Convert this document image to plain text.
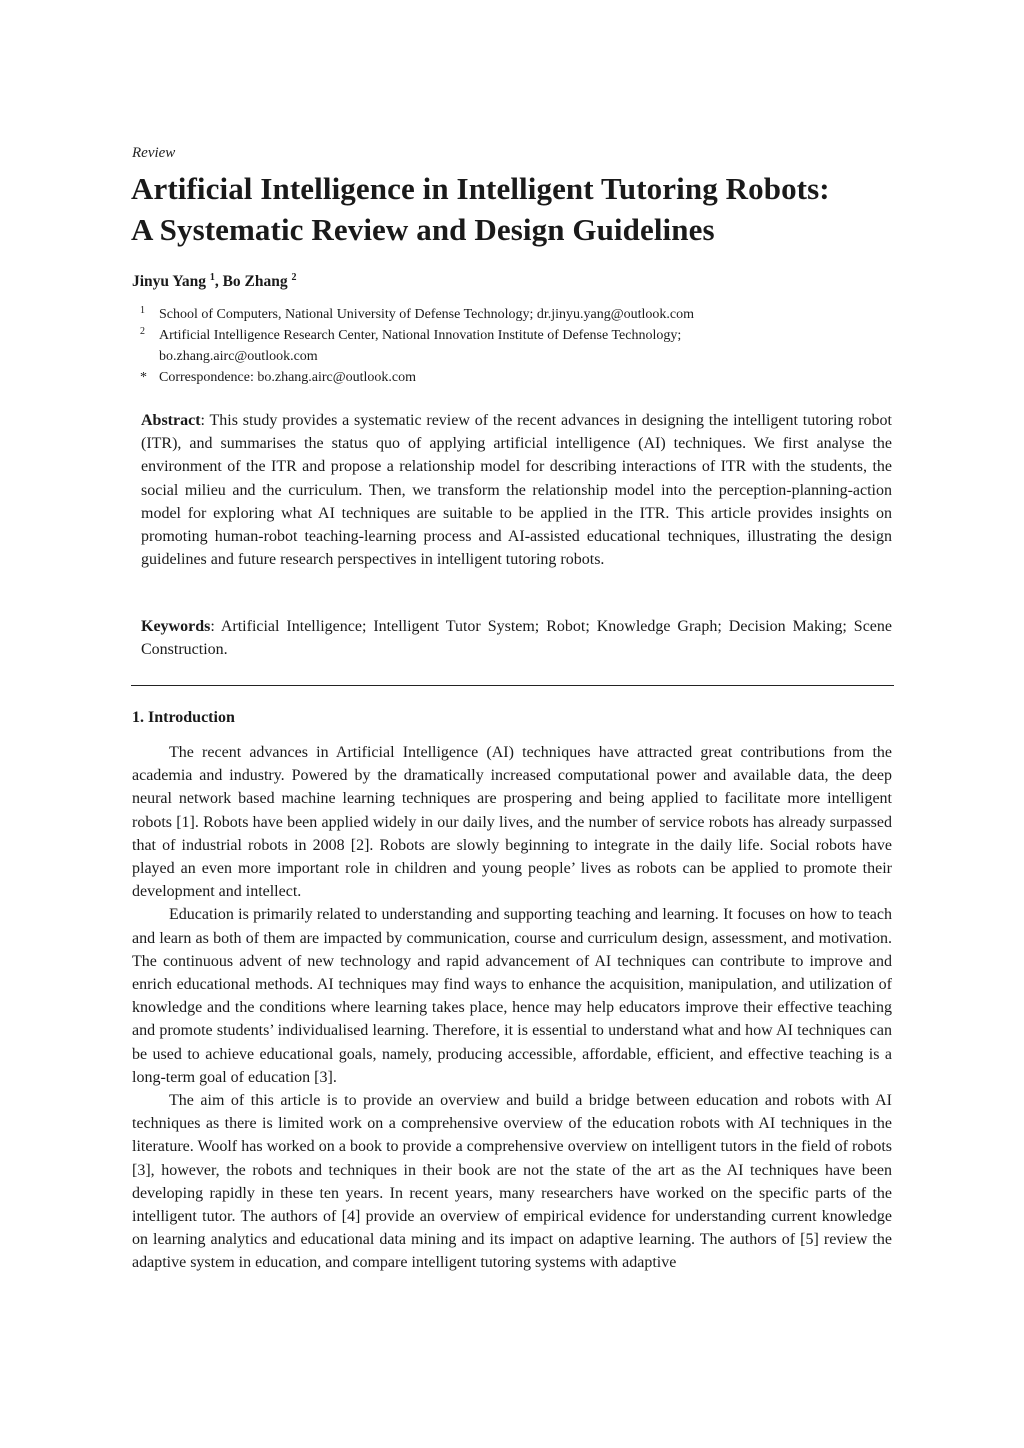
Review
Artificial Intelligence in Intelligent Tutoring Robots:
A Systematic Review and Design Guidelines
Jinyu Yang $^1$, Bo Zhang $^2$
1 School of Computers, National University of Defense Technology; dr.jinyu.yang@outlook.com
2 Artificial Intelligence Research Center, National Innovation Institute of Defense Technology;
bo.zhang.airc@outlook.com
* Correspondence: bo.zhang.airc@outlook.com
Abstract: This study provides a systematic review of the recent advances in designing the intelligent tutoring robot (ITR), and summarises the status quo of applying artificial intelligence (AI) techniques. We first analyse the environment of the ITR and propose a relationship model for describing interactions of ITR with the students, the social milieu and the curriculum. Then, we transform the relationship model into the perception-planning-action model for exploring what AI techniques are suitable to be applied in the ITR. This article provides insights on promoting human-robot teaching-learning process and AI-assisted educational techniques, illustrating the design guidelines and future research perspectives in intelligent tutoring robots.
Keywords: Artificial Intelligence; Intelligent Tutor System; Robot; Knowledge Graph; Decision Making; Scene Construction.
1. Introduction

The recent advances in Artificial Intelligence (AI) techniques have attracted great contributions from the academia and industry. Powered by the dramatically increased computational power and available data, the deep neural network based machine learning techniques are prospering and being applied to facilitate more intelligent robots [1]. Robots have been applied widely in our daily lives, and the number of service robots has already surpassed that of industrial robots in 2008 [2]. Robots are slowly beginning to integrate in the daily life. Social robots have played an even more important role in children and young people’ lives as robots can be applied to promote their development and intellect.

Education is primarily related to understanding and supporting teaching and learning. It focuses on how to teach and learn as both of them are impacted by communication, course and curriculum design, assessment, and motivation. The continuous advent of new technology and rapid advancement of AI techniques can contribute to improve and enrich educational methods. AI techniques may find ways to enhance the acquisition, manipulation, and utilization of knowledge and the conditions where learning takes place, hence may help educators improve their effective teaching and promote students’ individualised learning. Therefore, it is essential to understand what and how AI techniques can be used to achieve educational goals, namely, producing accessible, affordable, efficient, and effective teaching is a long-term goal of education [3].

The aim of this article is to provide an overview and build a bridge between education and robots with AI techniques as there is limited work on a comprehensive overview of the education robots with AI techniques in the literature. Woolf has worked on a book to provide a comprehensive overview on intelligent tutors in the field of robots [3], however, the robots and techniques in their book are not the state of the art as the AI techniques have been developing rapidly in these ten years. In recent years, many researchers have worked on the specific parts of the intelligent tutor. The authors of [4] provide an overview of empirical evidence for understanding current knowledge on learning analytics and educational data mining and its impact on adaptive learning. The authors of [5] review the adaptive system in education, and compare intelligent tutoring systems with adaptive
